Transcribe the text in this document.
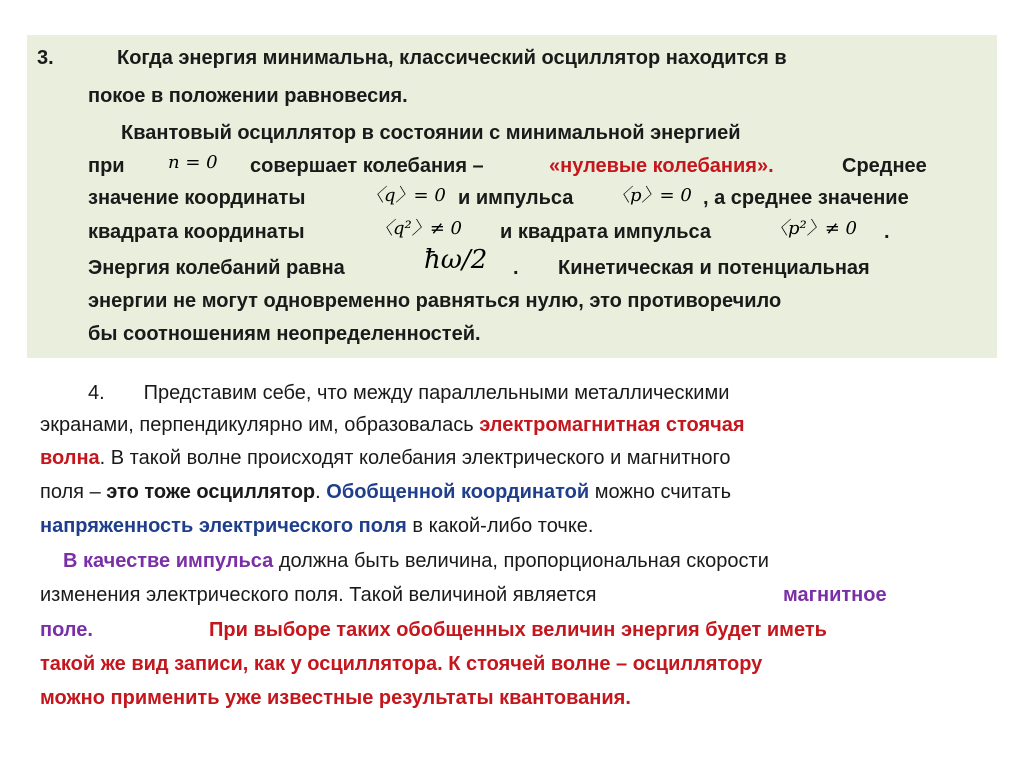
3.	Когда энергия минимальна, классический осциллятор находится в
покое в положении равновесия.
Квантовый осциллятор в состоянии с минимальной энергией
при n = 0 совершает колебания –	«нулевые колебания».	Среднее
значение координаты	〈q〉= 0 и импульса 〈p〉= 0 , а среднее значение
квадрата координаты	〈q²〉≠ 0 и квадрата импульса	〈p²〉≠ 0 .
Энергия колебаний равна	ħω/2 . Кинетическая и потенциальная
энергии не могут одновременно равняться нулю, это противоречило
бы соотношениям неопределенностей.
4.       Представим себе, что между параллельными металлическими
экранами, перпендикулярно им, образовалась электромагнитная стоячая
волна. В такой волне происходят колебания электрического и магнитного
поля – это тоже осциллятор. Обобщенной координатой можно считать
напряженность электрического поля в какой-либо точке.
В качестве импульса должна быть величина, пропорциональная скорости
изменения электрического поля. Такой величиной является	магнитное
поле.	При выборе таких обобщенных величин энергия будет иметь
такой же вид записи, как у осциллятора. К стоячей волне – осциллятору
можно применить уже известные результаты квантования.
